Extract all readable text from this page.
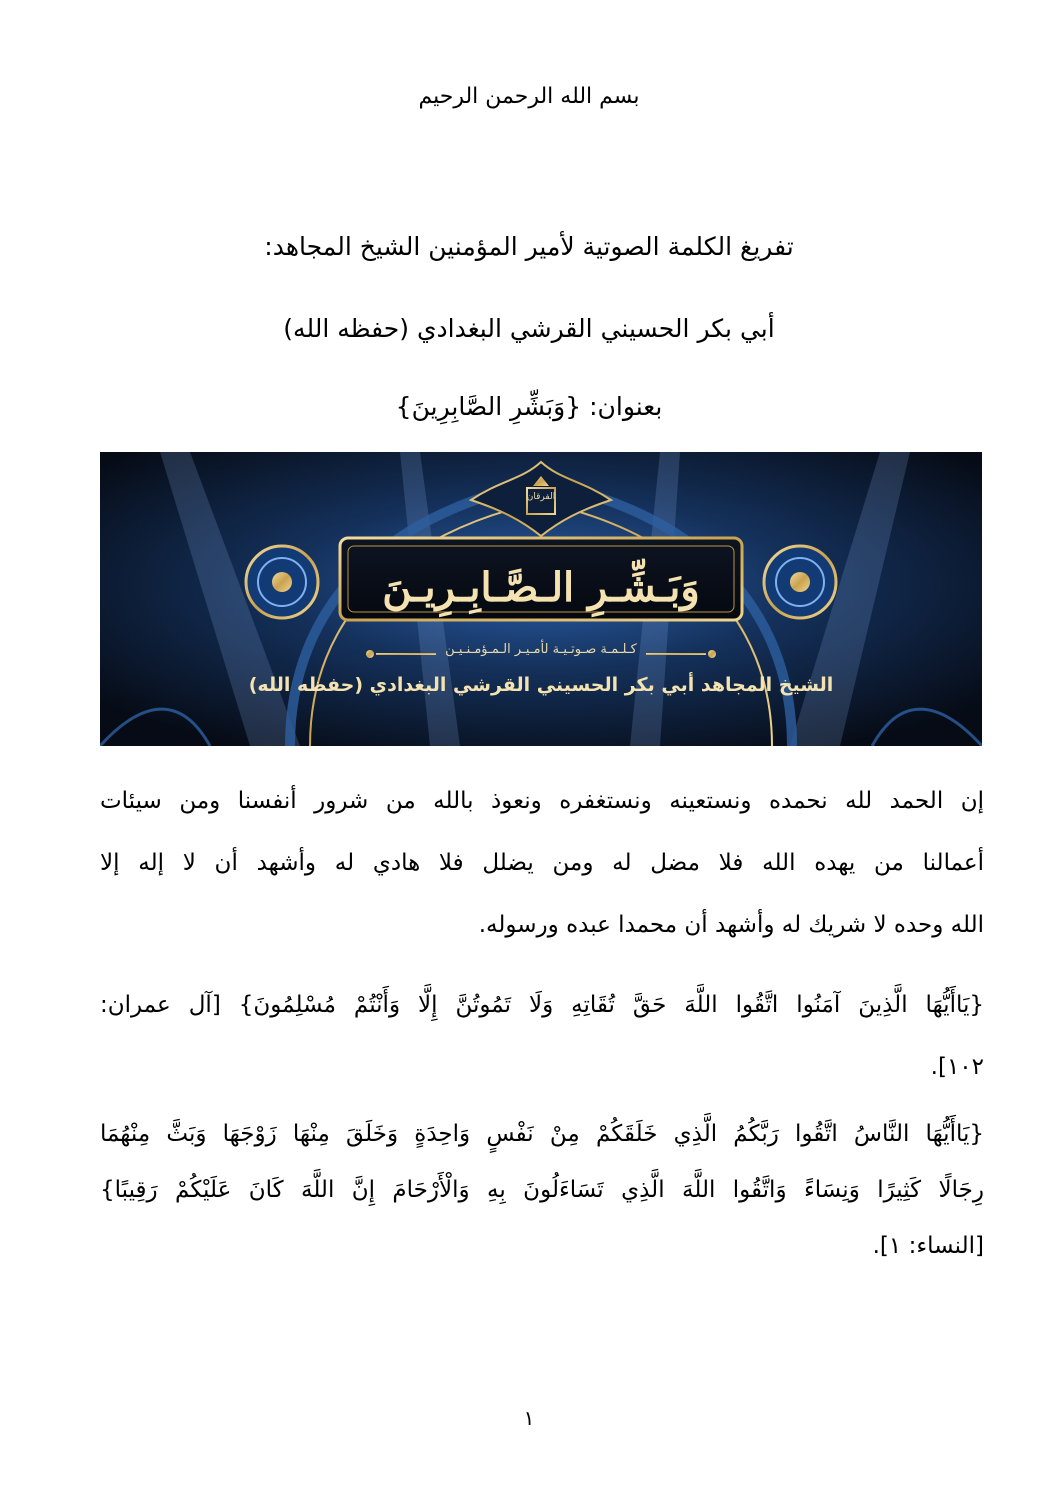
بسم الله الرحمن الرحيم
تفريغ الكلمة الصوتية لأمير المؤمنين الشيخ المجاهد:
أبي بكر الحسيني القرشي البغدادي (حفظه الله)
بعنوان: {وَبَشِّرِ الصَّابِرِينَ}
وَبَـشِّـرِ الـصَّـابِـرِيـنَ
كـلـمـة صـوتـيـة لأمـيـر الـمـؤمـنـيـن
الشيخ المجاهد أبي بكر الحسيني القرشي البغدادي (حفظه الله)
الفرقان
إن الحمد لله نحمده ونستعينه ونستغفره ونعوذ بالله من شرور أنفسنا ومن سيئات
أعمالنا من يهده الله فلا مضل له ومن يضلل فلا هادي له وأشهد أن لا إله إلا
الله وحده لا شريك له وأشهد أن محمدا عبده ورسوله.
{يَاأَيُّهَا الَّذِينَ آمَنُوا اتَّقُوا اللَّهَ حَقَّ تُقَاتِهِ وَلَا تَمُوتُنَّ إِلَّا وَأَنْتُمْ مُسْلِمُونَ} [آل عمران:
١٠٢].
{يَاأَيُّهَا النَّاسُ اتَّقُوا رَبَّكُمُ الَّذِي خَلَقَكُمْ مِنْ نَفْسٍ وَاحِدَةٍ وَخَلَقَ مِنْهَا زَوْجَهَا وَبَثَّ مِنْهُمَا
رِجَالًا كَثِيرًا وَنِسَاءً وَاتَّقُوا اللَّهَ الَّذِي تَسَاءَلُونَ بِهِ وَالْأَرْحَامَ إِنَّ اللَّهَ كَانَ عَلَيْكُمْ رَقِيبًا}
[النساء: ١].
١
